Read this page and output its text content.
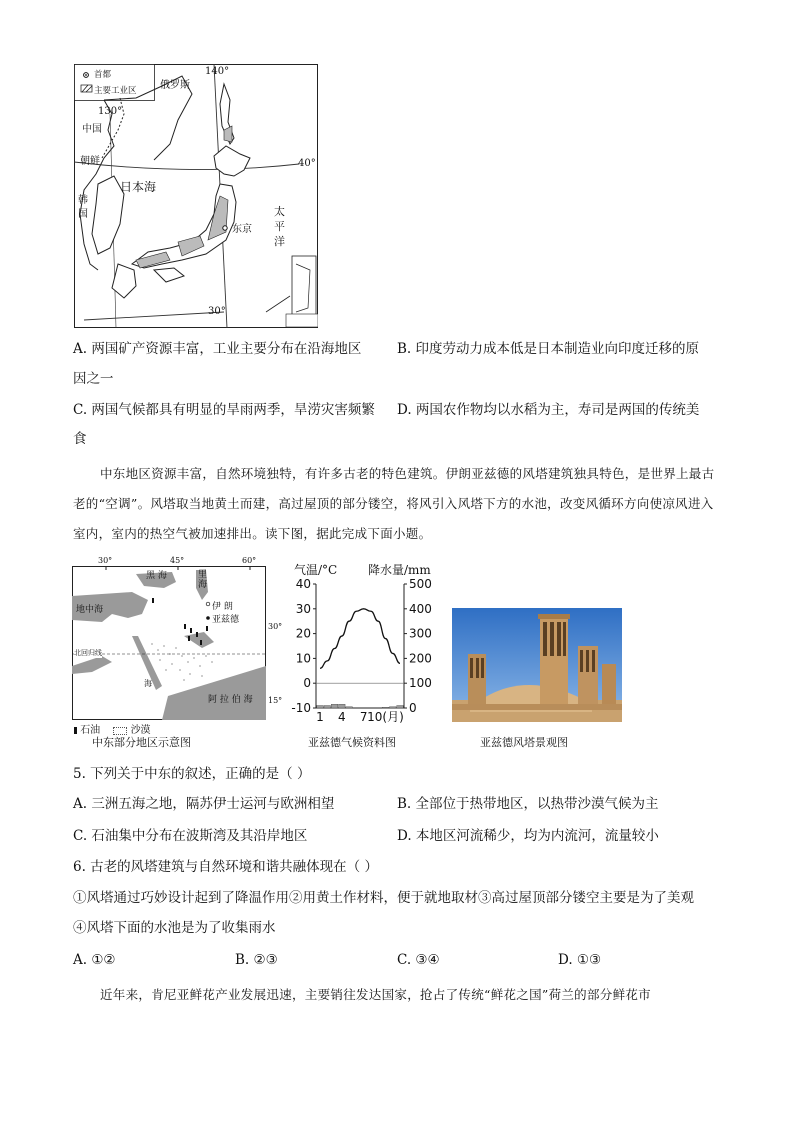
首都
主要工业区 俄罗斯
140°
130°
中国
朝鲜	40°
日本海
韩国	太
平
洋
东京
30°
A. 两国矿产资源丰富，工业主要分布在沿海地区	B. 印度劳动力成本低是日本制造业向印度迁移的原
因之一
C. 两国气候都具有明显的旱雨两季，旱涝灾害频繁 D. 两国农作物均以水稻为主，寿司是两国的传统美
食
中东地区资源丰富，自然环境独特，有许多古老的特色建筑。伊朗亚兹德的风塔建筑独具特色，是世界上最古老的“空调”。风塔取当地黄土而建，高过屋顶的部分镂空，将风引入风塔下方的水池，改变风循环方向使凉风进入室内，室内的热空气被加速排出。读下图，据此完成下面小题。
30°	45°	60°
黑 海	里
海
地中海	伊 朗
亚兹德
30°
北回归线
海
阿 拉 伯 海 15°
石油	沙漠
中东部分地区示意图
40
30
20
10
0
-10
500
400
300
200
100
0
1 4 7 10(月)
气温/°C	降水量/mm
亚兹德气候资料图	亚兹德风塔景观图
5. 下列关于中东的叙述，正确的是（ ）
A. 三洲五海之地，隔苏伊士运河与欧洲相望	B. 全部位于热带地区，以热带沙漠气候为主
C. 石油集中分布在波斯湾及其沿岸地区	D. 本地区河流稀少，均为内流河，流量较小
6. 古老的风塔建筑与自然环境和谐共融体现在（ ）
①风塔通过巧妙设计起到了降温作用②用黄土作材料，便于就地取材③高过屋顶部分镂空主要是为了美观
④风塔下面的水池是为了收集雨水
A. ①②	B. ②③	C. ③④	D. ①③
近年来，肯尼亚鲜花产业发展迅速，主要销往发达国家，抢占了传统“鲜花之国”荷兰的部分鲜花市
